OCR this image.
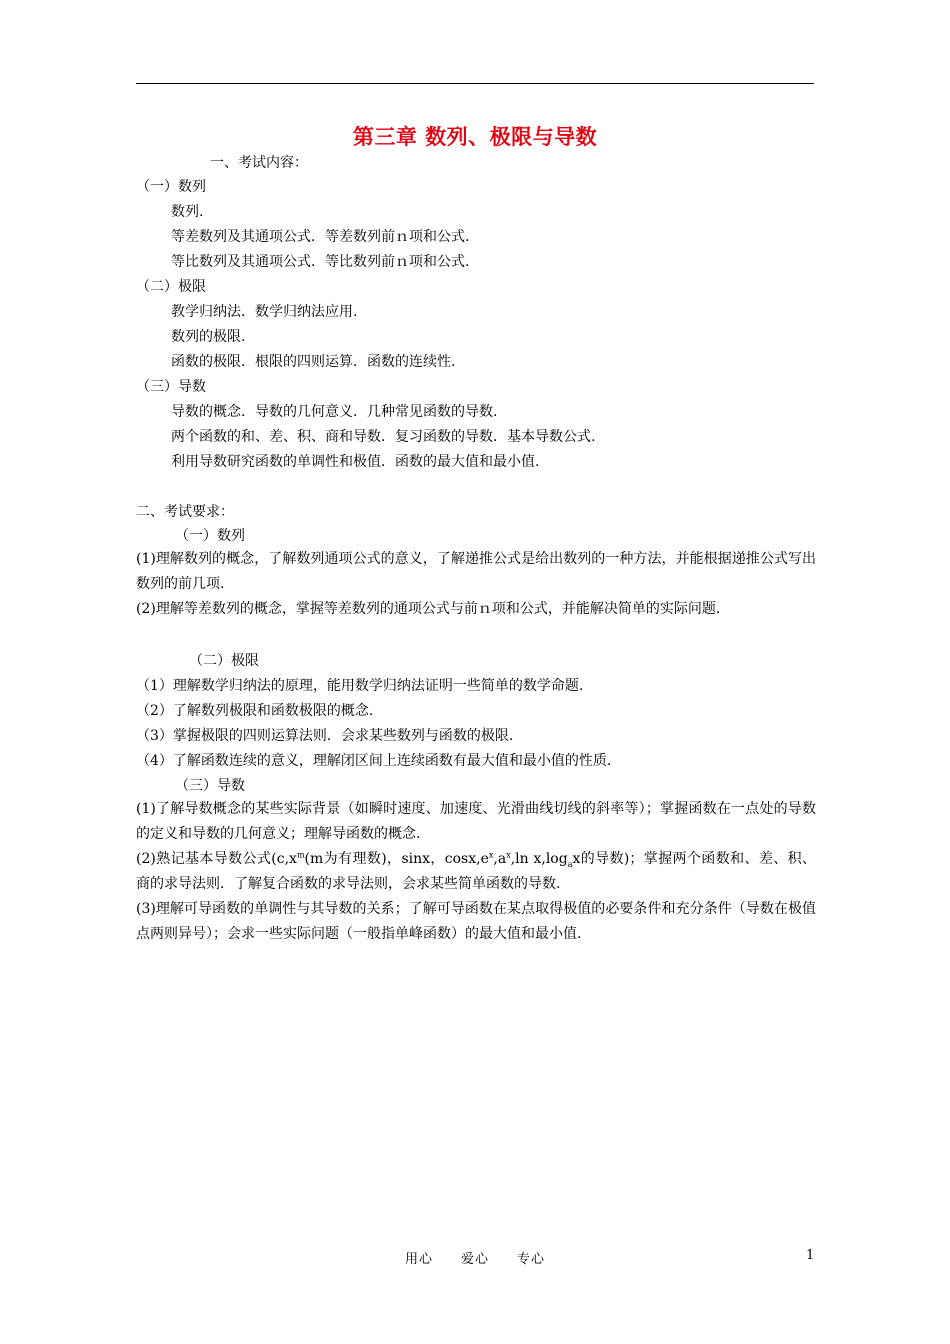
第三章 数列、极限与导数
一、考试内容：
（一）数列
数列.
等差数列及其通项公式．等差数列前ｎ项和公式.
等比数列及其通项公式．等比数列前ｎ项和公式.
（二）极限
教学归纳法．数学归纳法应用.
数列的极限.
函数的极限．根限的四则运算．函数的连续性.
（三）导数
导数的概念．导数的几何意义．几种常见函数的导数.
两个函数的和、差、积、商和导数．复习函数的导数．基本导数公式.
利用导数研究函数的单调性和极值．函数的最大值和最小值.
二、考试要求：
（一）数列
(1)理解数列的概念，了解数列通项公式的意义，了解递推公式是给出数列的一种方法，并能根据递推公式写出数列的前几项.
(2)理解等差数列的概念，掌握等差数列的通项公式与前ｎ项和公式，并能解决简单的实际问题.
（二）极限
（1）理解数学归纳法的原理，能用数学归纳法证明一些简单的数学命题.
（2）了解数列极限和函数极限的概念.
（3）掌握极限的四则运算法则．会求某些数列与函数的极限.
（4）了解函数连续的意义，理解闭区间上连续函数有最大值和最小值的性质.
（三）导数
(1)了解导数概念的某些实际背景（如瞬时速度、加速度、光滑曲线切线的斜率等）；掌握函数在一点处的导数的定义和导数的几何意义；理解导函数的概念.
(2)熟记基本导数公式($c,x^m(m$为有理数)，sinx，$\cos x,e^x,a^x,\ln$ $x,\log_ax$的导数)；掌握两个函数和、差、积、商的求导法则．了解复合函数的求导法则，会求某些简单函数的导数.
(3)理解可导函数的单调性与其导数的关系；了解可导函数在某点取得极值的必要条件和充分条件（导数在极值点两则异号）；会求一些实际问题（一般指单峰函数）的最大值和最小值.
用心　　爱心　　专心	1
